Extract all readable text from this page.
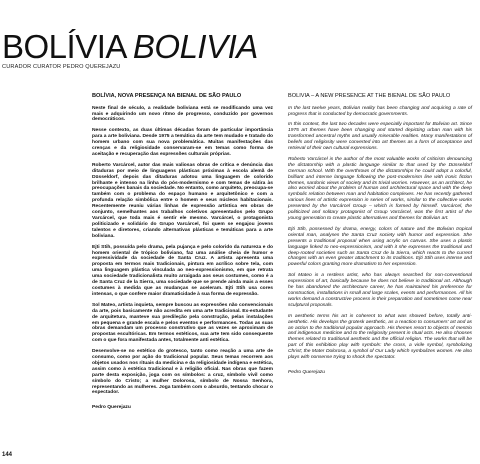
BOLÍVIA BOLIVIA
CURADOR CURATOR PEDRO QUEREJAZU
BOLÍVIA, NOVA PRESENÇA NA BIENAL DE SÃO PAULO

Neste final de século, a realidade boliviana está se modificando uma vez mais e adquirindo um novo ritmo de progresso, conduzido por governos democráticos.

Nesse contexto, as duas últimas décadas foram de particular importância para a arte boliviana. Desde 1975 a temática da arte tem mudado e tratado do homem urbano com sua nova problemática. Muitas manifestações das crenças e da religiosidade conservaram-se em temas como forma de aceitação e recuperação das expressões culturais próprias.

Roberto Varcárcel, autor das mais valiosas obras de crítica e denúncia das ditaduras por meio de linguagens plásticas próximas à escola alemã de Düsseldorf, depois das ditaduras adotou uma linguagem de colorido brilhante e intenso na linha do pós-modernismo e com temas de sátira às preocupações banais da sociedade. No entanto, como arquiteto, preocupa-se também com o problema do espaço humano e arquitetônico e com a profunda relação simbólica entre o homem e seus núcleos habitacionais. Recentemente reuniu várias linhas de expressão artística em obras de conjunto, semelhantes aos trabalhos coletivos apresentados pelo Grupo Varcárcel, que toda mais é sentir ele mesmo. Varcárcel, o protagonista politicizado e solidário do Grupo Varcárcel, foi quem se engajou jovens talentos e diretores, criando alternativas plásticas e temáticas para a arte boliviana.

Ejti Stih, possuída pelo drama, pela pujança e pelo colorido da natureza e do homem oriental de trópico boliviano, faz uma análise cheia de humor e expressividade da sociedade de Santa Cruz. A artista apresenta uma proposta em termos mais tradicionais, pintura em acrílico sobre tela, com uma linguagem plástica vinculada ao neo-expressionismo, em que retrata uma sociedade tradicionalista muito arraigada aos seus costumes, como é a de Santa Cruz de la Sierra, uma sociedade que se prende ainda mais a esses costumes à medida que as mudanças se aceleram. Ejti Stih usa cores intensas, o que confere maior dramaticidade à sua forma de expressão.

Sol Mateo, artista inquieta, sempre buscou as expressões não convencionais da arte, pois basicamente não acredita em uma arte tradicional. Ex-estudante de arquitetura, manteve sua predileção pela construção, pelas instalações em pequena e grande escala e pelos eventos e performances. Todas as suas obras demandam um processo construtivo que as vezes se aproximam de propostas escultóricas. Em termos estéticos, sua arte tem sido consequente com o que fora manifestada antes, totalmente anti estética.

Desenvolve-se no estético do grotesco, tanto como reação a uma arte de consumo, como por ação do tradicional popular. Seus temas recorrem aos objetos usados nos rituais da medicina e da religiosidade indígena e estética, assim como à estética tradicional e à religião oficial. Nas obras que fazem parte desta exposição, joga com os símbolos: a cruz, símbolo vivil como símbolo do Cristo; a mulher Dolorosa, símbolo de Nossa Senhora, representando as mulheres. Joga também com o absurdo, tentando chocar o espectador.

Pedro Querejazu
BOLIVIA – A NEW PRESENCE AT THE BIENAL DE SÃO PAULO

In the last twelve years, Bolivian reality has been changing and acquiring a rate of progress that is conducted by democratic governments.

In this context, the last two decades were especially important for Bolivian art. Since 1975 art themes have been changing and started depicting urban man with his transformed ancestral myths and usually miserable realities. Many manifestations of beliefs and religiosity were converted into art themes as a form of acceptance and retrieval of their own cultural expressions.

Roberto Varcárcel is the author of the most valuable works of criticism denouncing the dictatorship with a plastic language similar to that used by the Düsseldorf German school. With the overthrows of the dictatorships he could adopt a colorful, brilliant and intense language following the post-modernism line with ironic fiction themes, sardonic views of society and its trivial worries. However, as an architect, he also worried about the problem of human and architectural space and with the deep symbolic relation between man and habitation complexes. He has recently gathered various lines of artistic expression in series of works, similar to the collective works presented by the Varcárcel Group – which is formed by himself. Varcárcel, the politicized and solitary protagonist of Group Varcárcel, was the first artist of the young generation to create plastic alternatives and themes for Bolivian art.

Ejti Stih, possessed by drama, energy, colors of nature and the Bolivian tropical oriental man, analyses the Santa Cruz society with humor and expression. She presents a traditional proposal when using acrylic on canvas. She uses a plastic language linked to neo-expressionism, and with it she expresses the traditional and deep-rooted societies such as Santa Cruz de la Sierra, which reacts to the current changes with an even greater attachment to its traditions. Ejti Stih uses intense and powerful colors granting more dramatism to her expression.

Sol Mateo is a restless artist, who has always searched for non-conventional expressions of art, basically because he does not believe in traditional art. Although he has abandoned the architecture career, he has maintained his preference for construction, installations in small and large scales, events and performances. All his works demand a constructive process in their preparation and sometimes come near sculptural proposals.

In aesthetic terms his art is coherent to what was showed before, totally anti-aesthetic. His develops the grotesk aesthetic, as a reaction to consumers' art and as an action to the traditional popular approach. His themes resort to objects of mestrio and indigenous medicine and to the religiosity present in ritual acts. He also chooses themes related to traditional aesthetic and the official religion. The works that will be part of this exhibition play with symbols: the cross, a virile symbol, symbolizing Christ; the Mater Dolorosa, a symbol of Our Lady which symbolizes women. He also plays with nonsense trying to shock the spectator.

Pedro Querejazu
144
